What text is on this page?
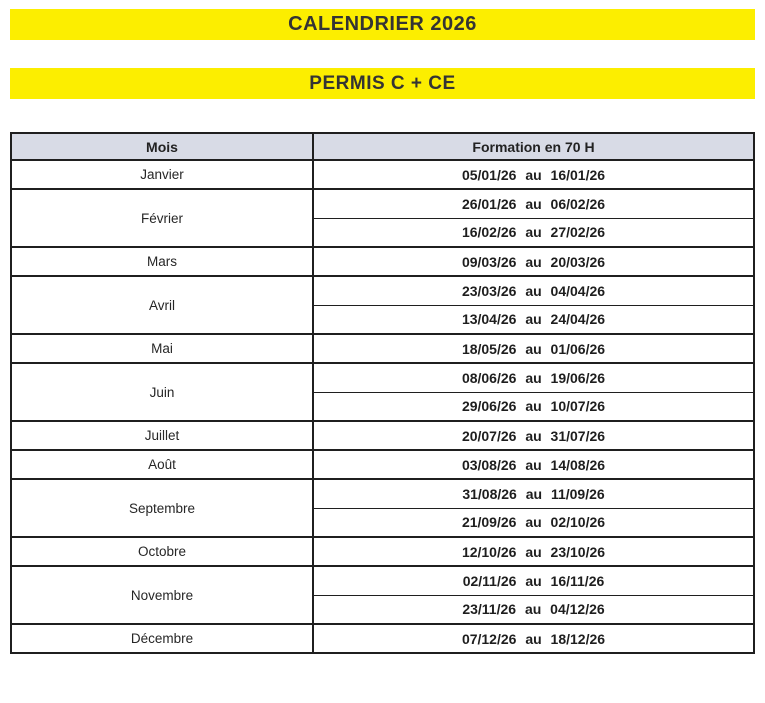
CALENDRIER 2026
PERMIS C + CE
Mois	Formation en 70 H
Janvier	05/01/26 au 16/01/26
Février	26/01/26 au 06/02/26
	16/02/26 au 27/02/26
Mars	09/03/26 au 20/03/26
Avril	23/03/26 au 04/04/26
	13/04/26 au 24/04/26
Mai	18/05/26 au 01/06/26
Juin	08/06/26 au 19/06/26
	29/06/26 au 10/07/26
Juillet	20/07/26 au 31/07/26
Août	03/08/26 au 14/08/26
Septembre	31/08/26 au 11/09/26
	21/09/26 au 02/10/26
Octobre	12/10/26 au 23/10/26
Novembre	02/11/26 au 16/11/26
	23/11/26 au 04/12/26
Décembre	07/12/26 au 18/12/26
